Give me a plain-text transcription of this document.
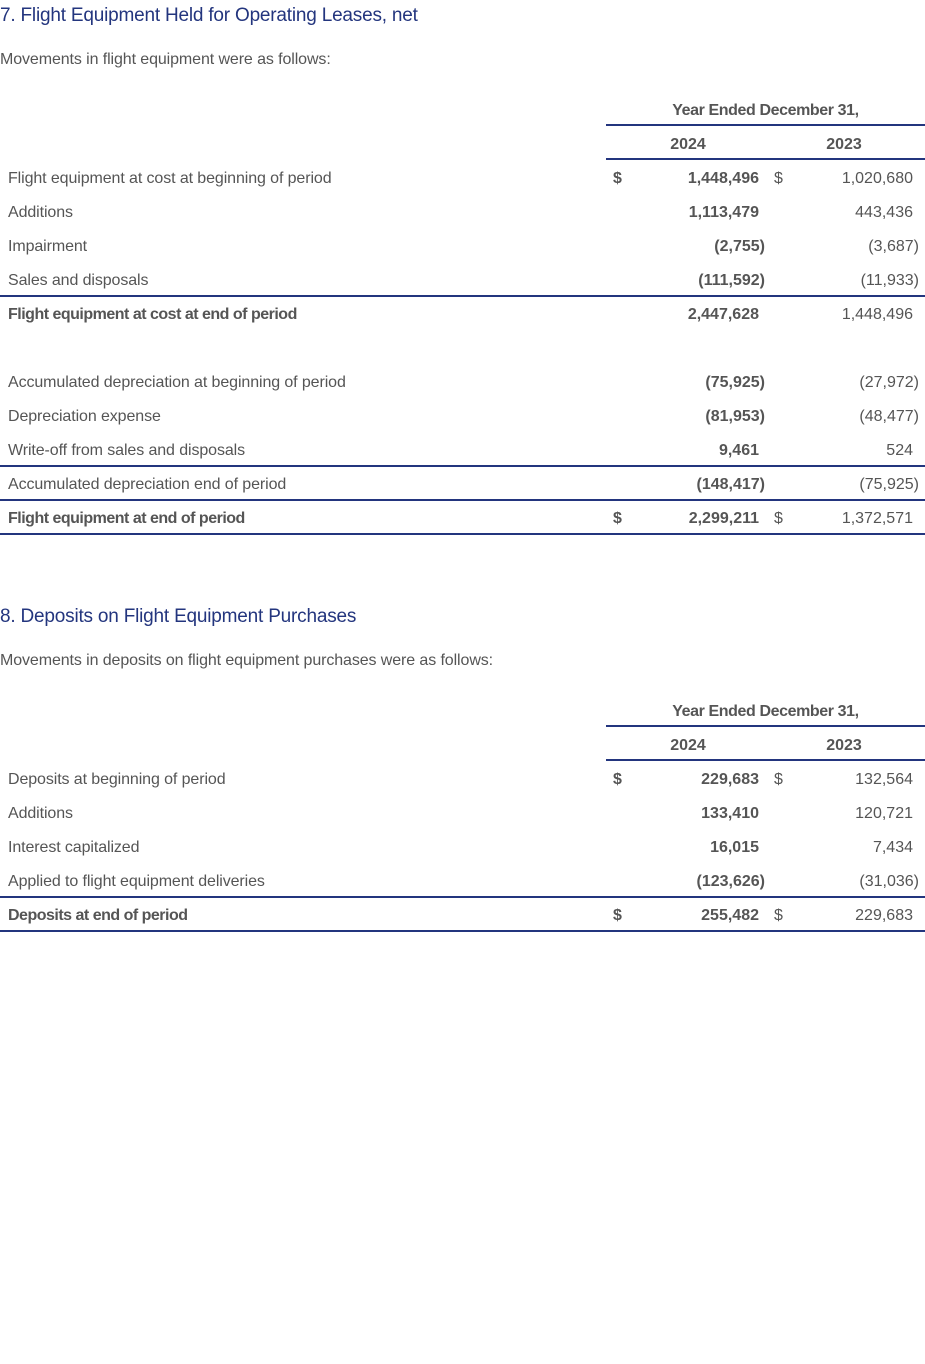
7. Flight Equipment Held for Operating Leases, net
Movements in flight equipment were as follows:
Year Ended December 31,
2024	2023
Flight equipment at cost at beginning of period	$	1,448,496 $	1,020,680
Additions	1,113,479	443,436
Impairment	(2,755)	(3,687)
Sales and disposals	(111,592)	(11,933)
Flight equipment at cost at end of period	2,447,628	1,448,496
Accumulated depreciation at beginning of period	(75,925)	(27,972)
Depreciation expense	(81,953)	(48,477)
Write-off from sales and disposals	9,461	524
Accumulated depreciation end of period	(148,417)	(75,925)
Flight equipment at end of period	$	2,299,211 $	1,372,571
8. Deposits on Flight Equipment Purchases
Movements in deposits on flight equipment purchases were as follows:
Year Ended December 31,
2024	2023
Deposits at beginning of period	$	229,683 $	132,564
Additions	133,410	120,721
Interest capitalized	16,015	7,434
Applied to flight equipment deliveries	(123,626)	(31,036)
Deposits at end of period	$	255,482 $	229,683
